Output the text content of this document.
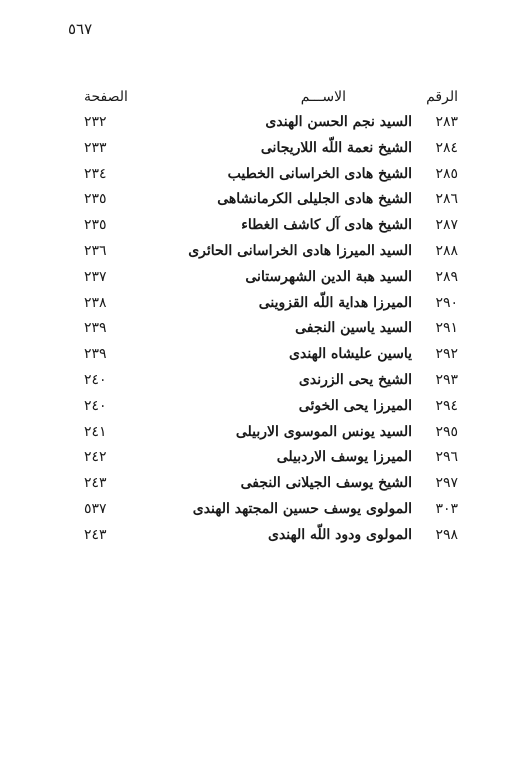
٥٦٧
الرقم
الاســـم
الصفحة
٢٨٣
السيد نجم الحسن الهندى
٢٣٢
٢٨٤
الشيخ نعمة اللّه اللاريجانى
٢٣٣
٢٨٥
الشيخ هادى الخراسانى الخطيب
٢٣٤
٢٨٦
الشيخ هادى الجليلى الكرمانشاهى
٢٣٥
٢٨٧
الشيخ هادى آل كاشف الغطاء
٢٣٥
٢٨٨
السيد الميرزا هادى الخراسانى الحائرى
٢٣٦
٢٨٩
السيد هبة الدين الشهرستانى
٢٣٧
٢٩٠
الميرزا هداية اللّه القزوينى
٢٣٨
٢٩١
السيد ياسين النجفى
٢٣٩
٢٩٢
ياسين عليشاه الهندى
٢٣٩
٢٩٣
الشيخ يحى الزرندى
٢٤٠
٢٩٤
الميرزا يحى الخوئى
٢٤٠
٢٩٥
السيد يونس الموسوى الاربيلى
٢٤١
٢٩٦
الميرزا يوسف الاردبيلى
٢٤٢
٢٩٧
الشيخ يوسف الجيلانى النجفى
٢٤٣
٣٠٣
المولوى يوسف حسين المجتهد الهندى
٥٣٧
٢٩٨
المولوى ودود اللّه الهندى
٢٤٣
